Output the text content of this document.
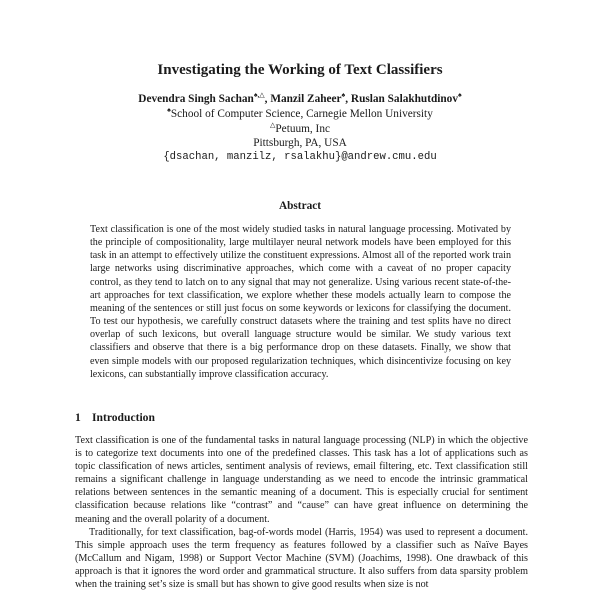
Investigating the Working of Text Classifiers
Devendra Singh Sachan♠,△, Manzil Zaheer♠, Ruslan Salakhutdinov♠
♠School of Computer Science, Carnegie Mellon University
△Petuum, Inc
Pittsburgh, PA, USA
{dsachan, manzilz, rsalakhu}@andrew.cmu.edu
Abstract
Text classification is one of the most widely studied tasks in natural language processing. Motivated by the principle of compositionality, large multilayer neural network models have been employed for this task in an attempt to effectively utilize the constituent expressions. Almost all of the reported work train large networks using discriminative approaches, which come with a caveat of no proper capacity control, as they tend to latch on to any signal that may not generalize. Using various recent state-of-the-art approaches for text classification, we explore whether these models actually learn to compose the meaning of the sentences or still just focus on some keywords or lexicons for classifying the document. To test our hypothesis, we carefully construct datasets where the training and test splits have no direct overlap of such lexicons, but overall language structure would be similar. We study various text classifiers and observe that there is a big performance drop on these datasets. Finally, we show that even simple models with our proposed regularization techniques, which disincentivize focusing on key lexicons, can substantially improve classification accuracy.
1 Introduction

Text classification is one of the fundamental tasks in natural language processing (NLP) in which the objective is to categorize text documents into one of the predefined classes. This task has a lot of applications such as topic classification of news articles, sentiment analysis of reviews, email filtering, etc. Text classification still remains a significant challenge in language understanding as we need to encode the intrinsic grammatical relations between sentences in the semantic meaning of a document. This is especially crucial for sentiment classification because relations like “contrast” and “cause” can have great influence on determining the meaning and the overall polarity of a document.

Traditionally, for text classification, bag-of-words model (Harris, 1954) was used to represent a document. This simple approach uses the term frequency as features followed by a classifier such as Naïve Bayes (McCallum and Nigam, 1998) or Support Vector Machine (SVM) (Joachims, 1998). One drawback of this approach is that it ignores the word order and grammatical structure. It also suffers from data sparsity problem when the training set’s size is small but has shown to give good results when size is not
